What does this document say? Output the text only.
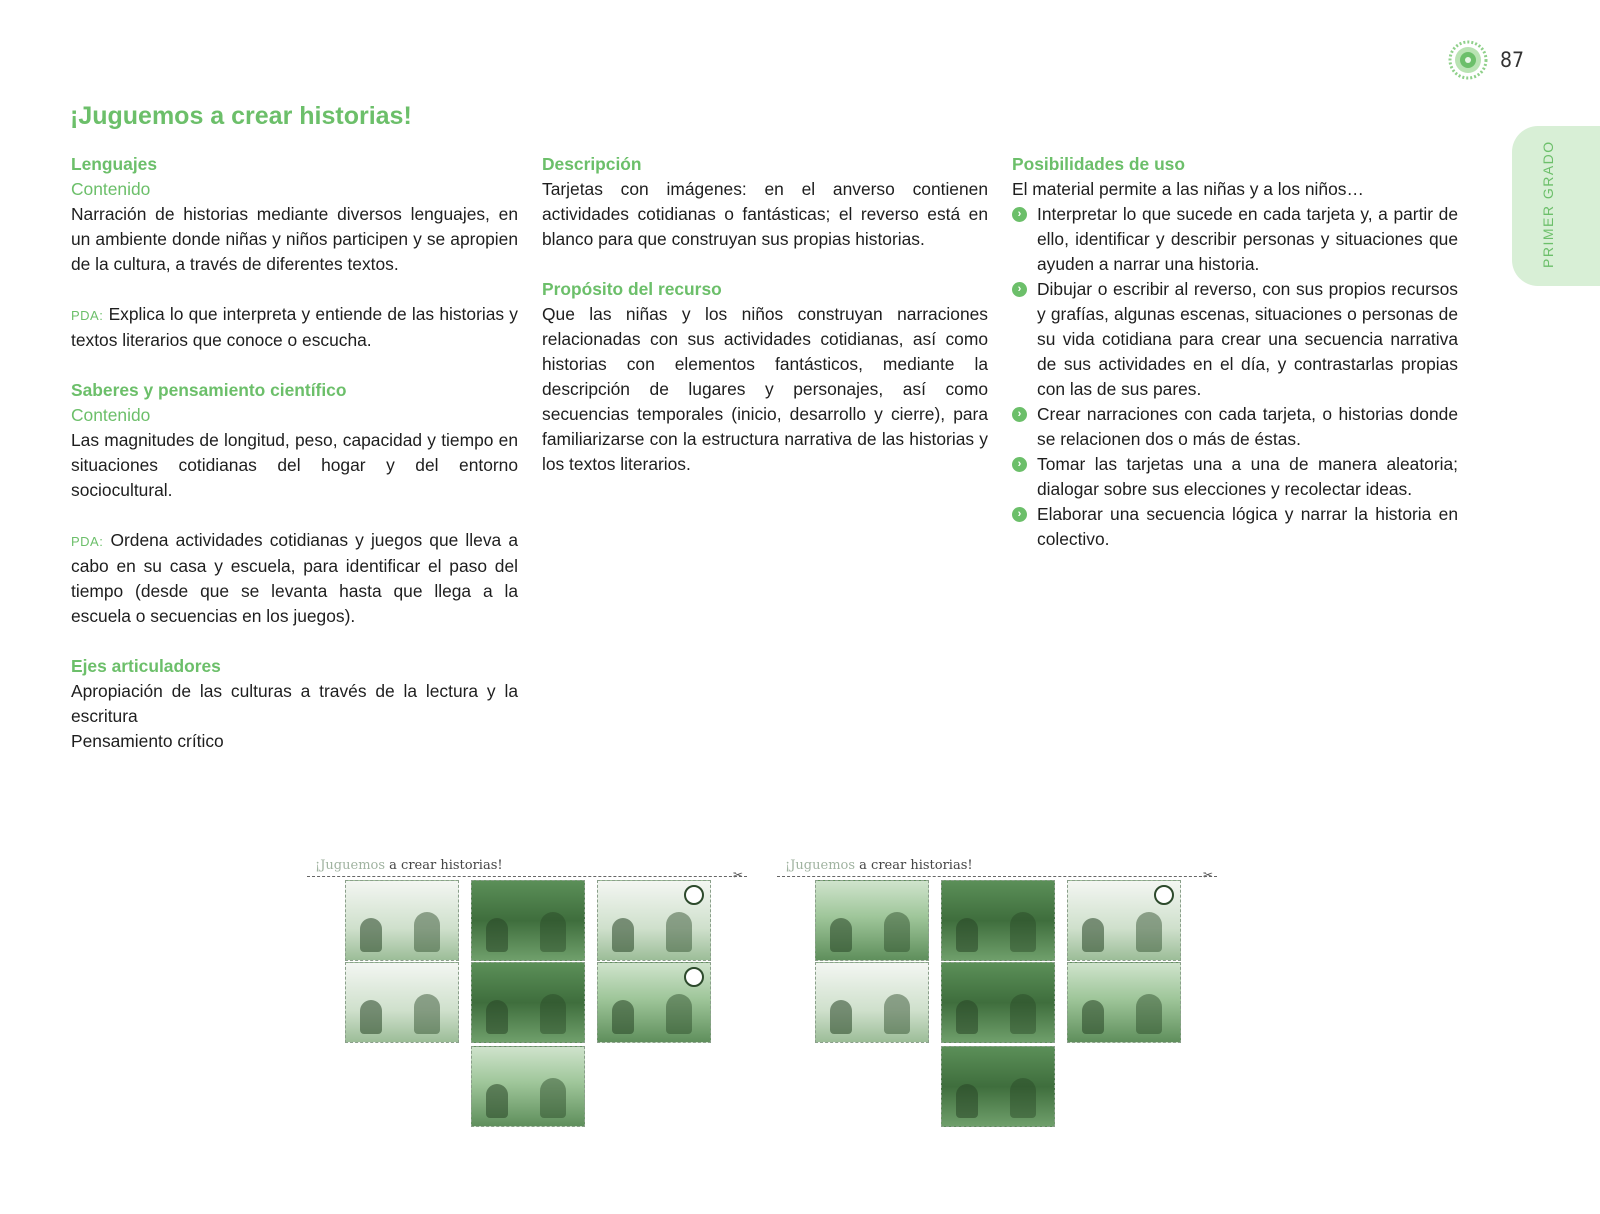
87
PRIMER GRADO
¡Juguemos a crear historias!
Lenguajes
Contenido

Narración de historias mediante diversos lenguajes, en un ambiente donde niñas y niños participen y se apropien de la cultura, a través de diferentes textos.

PDA: Explica lo que interpreta y entiende de las historias y textos literarios que conoce o escucha.

Saberes y pensamiento científico
Contenido

Las magnitudes de longitud, peso, capacidad y tiempo en situaciones cotidianas del hogar y del entorno sociocultural.

PDA: Ordena actividades cotidianas y juegos que lleva a cabo en su casa y escuela, para identificar el paso del tiempo (desde que se levanta hasta que llega a la escuela o secuencias en los juegos).

Ejes articuladores

Apropiación de las culturas a través de la lectura y la escritura

Pensamiento crítico

Descripción

Tarjetas con imágenes: en el anverso contienen actividades cotidianas o fantásticas; el reverso está en blanco para que construyan sus propias historias.

Propósito del recurso

Que las niñas y los niños construyan narraciones relacionadas con sus actividades cotidianas, así como historias con elementos fantásticos, mediante la descripción de lugares y personajes, así como secuencias temporales (inicio, desarrollo y cierre), para familiarizarse con la estructura narrativa de las historias y los textos literarios.

Posibilidades de uso

El material permite a las niñas y a los niños…

› Interpretar lo que sucede en cada tarjeta y, a partir de ello, identificar y describir personas y situaciones que ayuden a narrar una historia.
› Dibujar o escribir al reverso, con sus propios recursos y grafías, algunas escenas, situaciones o personas de su vida cotidiana para crear una secuencia narrativa de sus actividades en el día, y contrastarlas propias con las de sus pares.
› Crear narraciones con cada tarjeta, o historias donde se relacionen dos o más de éstas.
› Tomar las tarjetas una a una de manera aleatoria; dialogar sobre sus elecciones y recolectar ideas.
› Elaborar una secuencia lógica y narrar la historia en colectivo.
¡Juguemos a crear historias!
✂
¡Juguemos a crear historias!
✂
